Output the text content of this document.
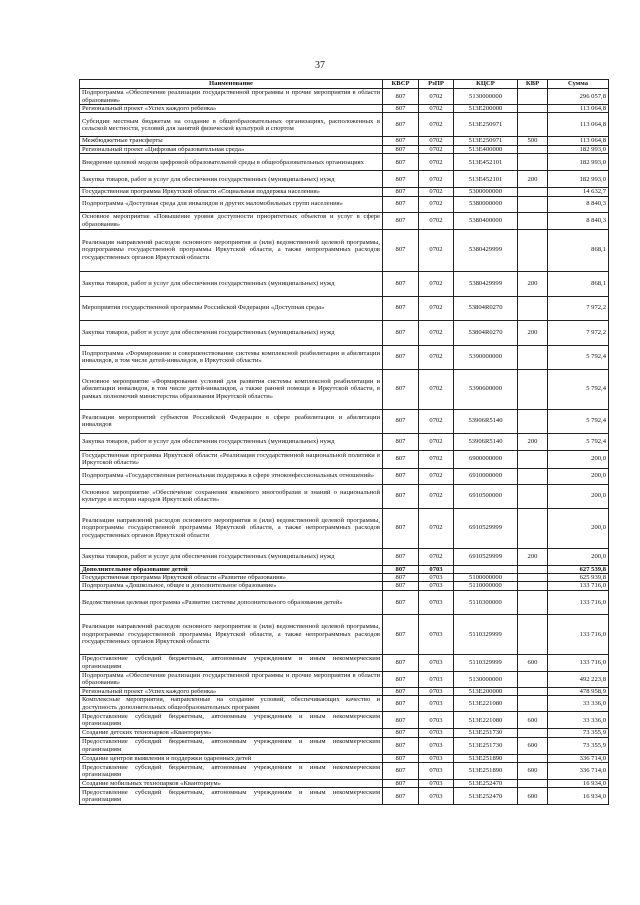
37
Наименование	КВСР	РзПР	КЦСР	КВР	Сумма
Подпрограмма «Обеспечение реализации государственной программы и прочие мероприятия в области образования»	807	0702	5130000000		296 057,8
Региональный проект «Успех каждого ребенка»	807	0702	513E200000		113 064,8
Субсидии местным бюджетам на создание в общеобразовательных организациях, расположенных в сельской местности, условий для занятий физической культурой и спортом	807	0702	513E250971		113 064,8
Межбюджетные трансферты	807	0702	513E250971	500	113 064,8
Региональный проект «Цифровая образовательная среда»	807	0702	513E400000		182 993,0
Внедрение целевой модели цифровой образовательной среды в общеобразовательных организациях	807	0702	513E452101		182 993,0
Закупка товаров, работ и услуг для обеспечения государственных (муниципальных) нужд	807	0702	513E452101	200	182 993,0
Государственная программа Иркутской области «Социальная поддержка населения»	807	0702	5300000000		14 632,7
Подпрограмма «Доступная среда для инвалидов и других маломобильных групп населения»	807	0702	5380000000		8 840,3
Основное мероприятие «Повышение уровня доступности приоритетных объектов и услуг в сфере образования»	807	0702	5380400000		8 840,3
Реализация направлений расходов основного мероприятия и (или) ведомственной целевой программы, подпрограммы государственной программы Иркутской области, а также непрограммных расходов государственных органов Иркутской области	807	0702	5380429999		868,1
Закупка товаров, работ и услуг для обеспечения государственных (муниципальных) нужд	807	0702	5380429999	200	868,1
Мероприятия государственной программы Российской Федерации «Доступная среда»	807	0702	53804R0270		7 972,2
Закупка товаров, работ и услуг для обеспечения государственных (муниципальных) нужд	807	0702	53804R0270	200	7 972,2
Подпрограмма «Формирование и совершенствование системы комплексной реабилитации и абилитации инвалидов, в том числе детей-инвалидов, в Иркутской области»	807	0702	5390000000		5 792,4
Основное мероприятие «Формирование условий для развития системы комплексной реабилитации и абилитации инвалидов, в том числе детей-инвалидов, а также ранней помощи в Иркутской области, в рамках полномочий министерства образования Иркутской области»	807	0702	5390600000		5 792,4
Реализация мероприятий субъектов Российской Федерации в сфере реабилитации и абилитации инвалидов	807	0702	53906R5140		5 792,4
Закупка товаров, работ и услуг для обеспечения государственных (муниципальных) нужд	807	0702	53906R5140	200	5 792,4
Государственная программа Иркутской области «Реализация государственной национальной политики в Иркутской области»	807	0702	6900000000		200,0
Подпрограмма «Государственная региональная поддержка в сфере этноконфессиональных отношений»	807	0702	6910000000		200,0
Основное мероприятие «Обеспечение сохранения языкового многообразия и знаний о национальной культуре и истории народов Иркутской области»	807	0702	6910500000		200,0
Реализация направлений расходов основного мероприятия и (или) ведомственной целевой программы, подпрограммы государственной программы Иркутской области, а также непрограммных расходов государственных органов Иркутской области	807	0702	6910529999		200,0
Закупка товаров, работ и услуг для обеспечения государственных (муниципальных) нужд	807	0702	6910529999	200	200,0
Дополнительное образование детей	807	0703			627 539,8
Государственная программа Иркутской области «Развитие образования»	807	0703	5100000000		625 939,8
Подпрограмма «Дошкольное, общее и дополнительное образование»	807	0703	5110000000		133 716,0
Ведомственная целевая программа «Развитие системы дополнительного образования детей»	807	0703	5110300000		133 716,0
Реализация направлений расходов основного мероприятия и (или) ведомственной целевой программы, подпрограммы государственной программы Иркутской области, а также непрограммных расходов государственных органов Иркутской области	807	0703	5110329999		133 716,0
Предоставление субсидий бюджетным, автономным учреждениям и иным некоммерческим организациям	807	0703	5110329999	600	133 716,0
Подпрограмма «Обеспечение реализации государственной программы и прочие мероприятия в области образования»	807	0703	5130000000		492 223,8
Региональный проект «Успех каждого ребенка»	807	0703	513E200000		478 958,9
Комплексные мероприятия, направленные на создание условий, обеспечивающих качество и доступность дополнительных общеобразовательных программ	807	0703	513E221080		33 336,0
Предоставление субсидий бюджетным, автономным учреждениям и иным некоммерческим организациям	807	0703	513E221080	600	33 336,0
Создание детских технопарков «Кванториум»	807	0703	513E251730		73 355,9
Предоставление субсидий бюджетным, автономным учреждениям и иным некоммерческим организациям	807	0703	513E251730	600	73 355,9
Создание центров выявления и поддержки одаренных детей	807	0703	513E251890		336 714,0
Предоставление субсидий бюджетным, автономным учреждениям и иным некоммерческим организациям	807	0703	513E251890	600	336 714,0
Создание мобильных технопарков «Кванториум»	807	0703	513E252470		16 934,0
Предоставление субсидий бюджетным, автономным учреждениям и иным некоммерческим организациям	807	0703	513E252470	600	16 934,0
